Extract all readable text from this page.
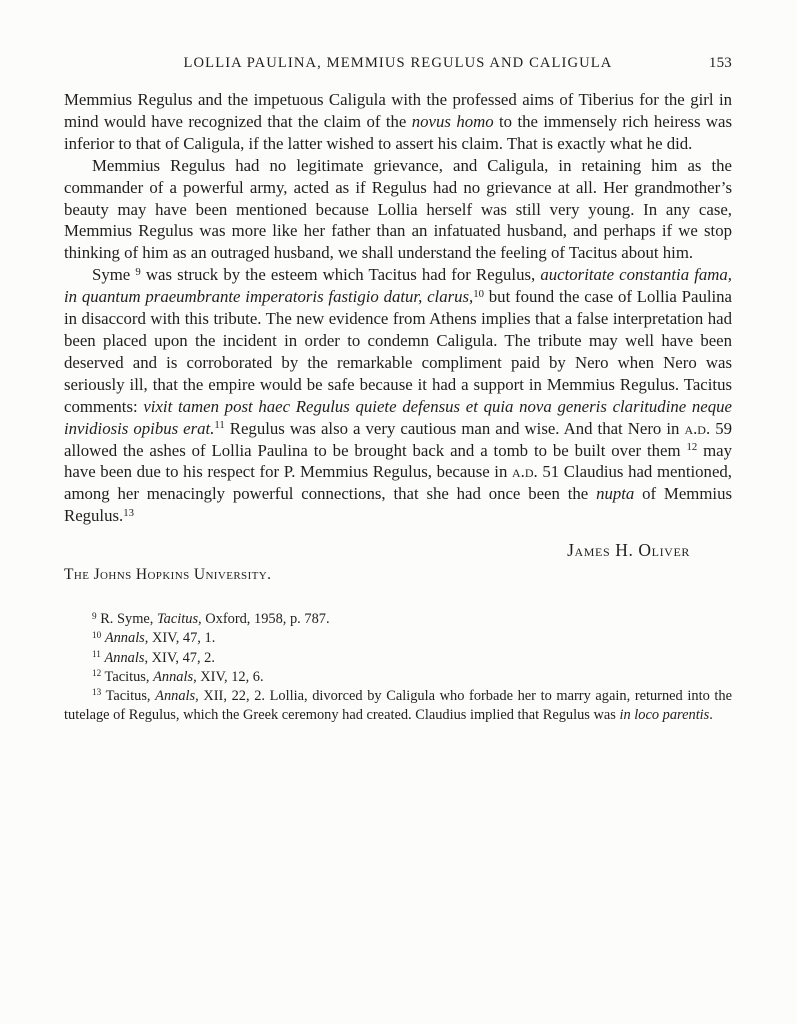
LOLLIA PAULINA, MEMMIUS REGULUS AND CALIGULA	153

Memmius Regulus and the impetuous Caligula with the professed aims of Tiberius for the girl in mind would have recognized that the claim of the novus homo to the immensely rich heiress was inferior to that of Caligula, if the latter wished to assert his claim. That is exactly what he did.

Memmius Regulus had no legitimate grievance, and Caligula, in retaining him as the commander of a powerful army, acted as if Regulus had no grievance at all. Her grandmother’s beauty may have been mentioned because Lollia herself was still very young. In any case, Memmius Regulus was more like her father than an infatuated husband, and perhaps if we stop thinking of him as an outraged husband, we shall understand the feeling of Tacitus about him.

Syme $^9$ was struck by the esteem which Tacitus had for Regulus, auctoritate constantia fama, in quantum praeumbrante imperatoris fastigio datur, clarus,$^{10}$ but found the case of Lollia Paulina in disaccord with this tribute. The new evidence from Athens implies that a false interpretation had been placed upon the incident in order to condemn Caligula. The tribute may well have been deserved and is corroborated by the remarkable compliment paid by Nero when Nero was seriously ill, that the empire would be safe because it had a support in Memmius Regulus. Tacitus comments: vixit tamen post haec Regulus quiete defensus et quia nova generis claritudine neque invidiosis opibus erat.$^{11}$ Regulus was also a very cautious man and wise. And that Nero in a.d. 59 allowed the ashes of Lollia Paulina to be brought back and a tomb to be built over them $^{12}$ may have been due to his respect for P. Memmius Regulus, because in a.d. 51 Claudius had mentioned, among her menacingly powerful connections, that she had once been the nupta of Memmius Regulus.$^{13}$

James H. Oliver
The Johns Hopkins University.

$^9$ R. Syme, Tacitus, Oxford, 1958, p. 787.

$^{10}$ Annals, XIV, 47, 1.

$^{11}$ Annals, XIV, 47, 2.

$^{12}$ Tacitus, Annals, XIV, 12, 6.

$^{13}$ Tacitus, Annals, XII, 22, 2. Lollia, divorced by Caligula who forbade her to marry again, returned into the tutelage of Regulus, which the Greek ceremony had created. Claudius implied that Regulus was in loco parentis.
